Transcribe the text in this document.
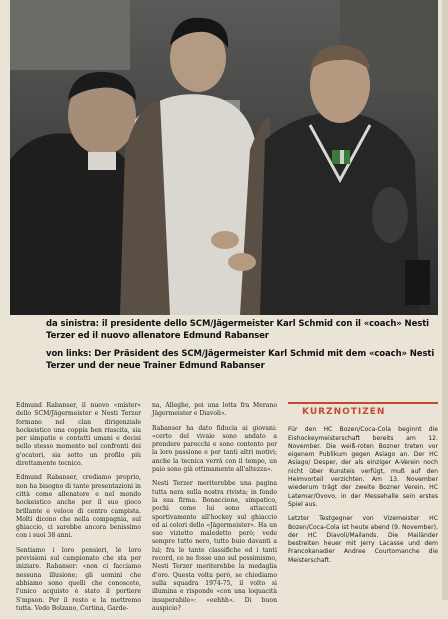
da sinistra: il presidente dello SCM/Jägermeister Karl Schmid con il «coach» Nesti Terzer ed il nuovo allenatore Edmund Rabanser

von links: Der Präsident des SCM/Jägermeister Karl Schmid mit dem «coach» Nesti Terzer und der neue Trainer Edmund Rabanser

Edmund Rabanser, il nuovo «mister» dello SCM/Jägermeister e Nesti Terzer formano nel clan dirigenziale hockeistico una coppia ben riuscita, sia per simpatie e contatti umani e decisi nello stesso momento nel confronti dei g'ocatori, sia sotto un profilo più direttamente tecnico.

Edmund Rabanser, crediamo proprio, non ha bisogno di tante presentazioni in città come allenatore e nel mondo hockeistico anche per il suo gioco brillante e veloce di centro campista. Molti dicono che nella compagnia, sul ghiaccio, ci sarebbe ancora benissimo con i suoi 38 anni.

Sentiamo i loro pensieri, le loro previsioni sul campionato che sta per iniziare. Rabanser: «non ci facciamo nessuna illusione; gli uomini che abbiamo sono quelli che conoscete, l'unico acquisto è stato il portiere S'mpson. Per il resto e la mettremo tutta. Vedo Bolzano, Cortina, Garde-

na, Alleghe, poi una lotta fra Merano Jägermeister e Diavoli».

Rabanser ha dato fiducia ai giovani: «certo del vivaio sono andato a prendere parecchi e sono contento per la loro passione e per tanti altri motivi; anche la tecnica verrà con il tempo, un paio sono già ottimamente all'altezza».

Nesti Terzer meriterebbe una pagina tutta nera sulla nostra rivista; in fondo la sua firma. Bonaccione, simpatico, pochi come lui sono attaccati sportivamente all'hockey sul ghiaccio ed ai colori dello «Jägermeister». Ha un suo vizietto maledetto però; vede sempre tutto nero, tutto buio davanti a lui; fra le tante classifiche ed i tanti record, ce ne fosse uno sul pessimismo, Nesti Terzer meriterebbe la medaglia d'oro. Questa volta però, se chiediamo sulla squadra 1974-75, il volto si illumina e risponde «con una loquacità insuperabile»: «eehhh». Di buon auspicio?

KURZNOTIZEN

Für den HC Bozen/Coca-Cola beginnt die Eishockeymeisterschaft bereits am 12. November. Die weiß-roten Bozner treten vor eigenem Publikum gegen Asiago an. Der HC Asiago/ Desper, der als einziger A-Verein noch nicht über Kunsteis verfügt, muß auf den Heimvorteil verzichten. Am 13. November wiederum trägt der zweite Bozner Verein, HC Latemar/Ovovo, in der Messehalle sein erstes Spiel aus.

Letzter Testgegner von Vizemeister HC Bozen/Coca-Cola ist heute abend (9. November), der HC Diavoli/Mailands. Die Mailänder bestreiten heuer mit Jerry Lacasse und dem Francokanadier Andree Courtomanche die Meisterschaft.
